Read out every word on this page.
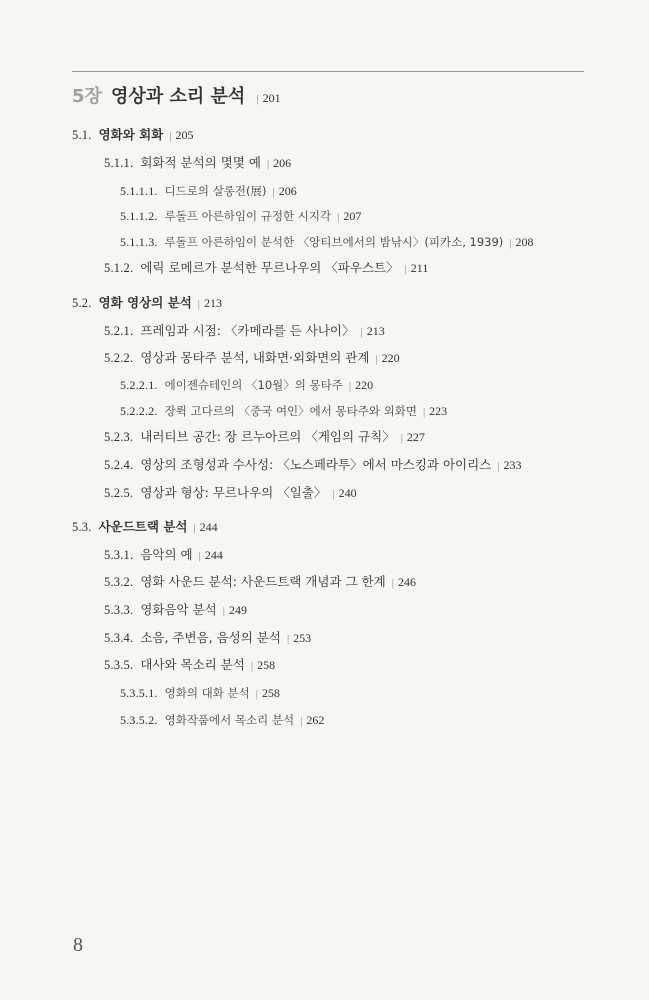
5장 영상과 소리 분석 | 201
5.1. 영화와 회화 | 205
5.1.1. 회화적 분석의 몇몇 예 | 206
5.1.1.1. 디드로의 살롱전(展) | 206
5.1.1.2. 루돌프 아른하임이 규정한 시지각 | 207
5.1.1.3. 루돌프 아른하임이 분석한 〈앙티브에서의 밤낚시〉(피카소, 1939) | 208
5.1.2. 에릭 로메르가 분석한 무르나우의 〈파우스트〉 | 211
5.2. 영화 영상의 분석 | 213
5.2.1. 프레임과 시점: 〈카메라를 든 사나이〉 | 213
5.2.2. 영상과 몽타주 분석, 내화면·외화면의 관계 | 220
5.2.2.1. 에이젠슈테인의 〈10월〉의 몽타주 | 220
5.2.2.2. 장뤽 고다르의 〈중국 여인〉에서 몽타주와 외화면 | 223
5.2.3. 내러티브 공간: 장 르누아르의 〈게임의 규칙〉 | 227
5.2.4. 영상의 조형성과 수사성: 〈노스페라투〉에서 마스킹과 아이리스 | 233
5.2.5. 영상과 형상: 무르나우의 〈일출〉 | 240
5.3. 사운드트랙 분석 | 244
5.3.1. 음악의 예 | 244
5.3.2. 영화 사운드 분석: 사운드트랙 개념과 그 한계 | 246
5.3.3. 영화음악 분석 | 249
5.3.4. 소음, 주변음, 음성의 분석 | 253
5.3.5. 대사와 목소리 분석 | 258
5.3.5.1. 영화의 대화 분석 | 258
5.3.5.2. 영화작품에서 목소리 분석 | 262
8
